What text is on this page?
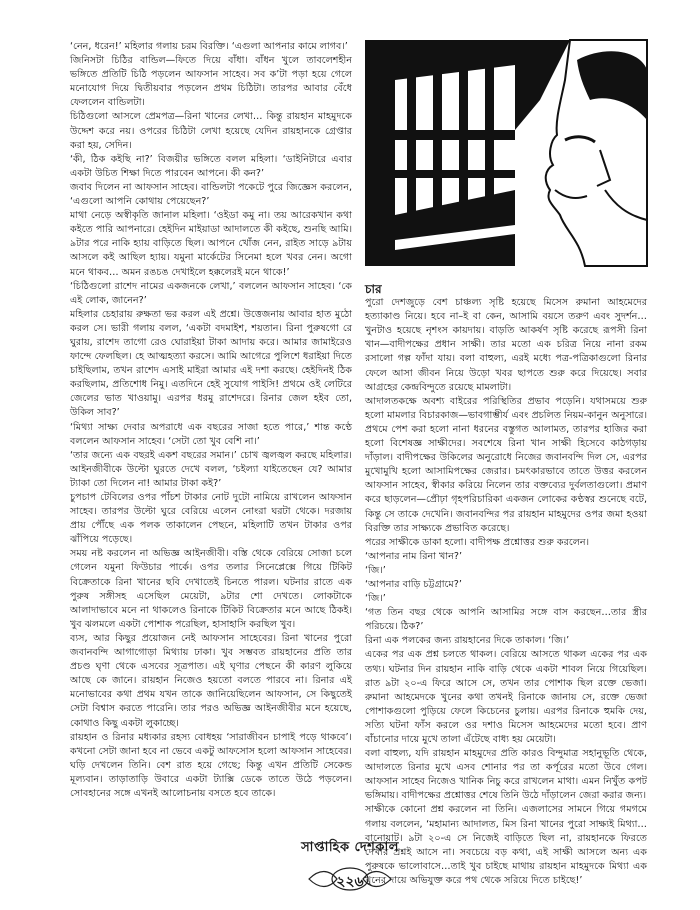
‘নেন, ধরেন!’ মহিলার গলায় চরম বিরক্তি। ‘এগুলা আপনার কামে লাগব।’

জিনিসটা চিঠির বান্ডিল—ফিতে দিয়ে বাঁধা। বাঁধন খুলে তাবলেশহীন ভঙ্গিতে প্রতিটি চিঠি পড়লেন আফসান সাহেব। সব ক’টা পড়া হয়ে গেলে মনোযোগ দিয়ে দ্বিতীয়বার পড়লেন প্রথম চিঠিটা। তারপর আবার বেঁধে ফেললেন বান্ডিলটা।

চিঠিগুলো আসলে প্রেমপত্র—রিনা খানের লেখা… কিন্তু রায়হান মাহমুদকে উদ্দেশ করে নয়। ওপরের চিঠিটা লেখা হয়েছে যেদিন রায়হানকে গ্রেপ্তার করা হয়, সেদিন।

‘কী, ঠিক কইছি না?’ বিজয়ীর ভঙ্গিতে বলল মহিলা। ‘ডাইনিটারে এবার একটা উচিত শিক্ষা দিতে পারবেন আপনে। কী কন?’

জবাব দিলেন না আফসান সাহেব। বান্ডিলটা পকেটে পুরে জিজ্ঞেস করলেন, ‘এগুলো আপনি কোথায় পেয়েছেন?’

মাথা নেড়ে অস্বীকৃতি জানাল মহিলা। ‘ওইডা কমু না। তয় আরেকখান কথা কইতে পারি আপনারে। হেইদিন মাইয়াডা আদালতে কী কইছে, শুনছি আমি। ৯টার পরে নাকি হ্যায় বাড়িতে ছিল। আপনে খোঁজ নেন, রাইত সাড়ে ৯টায় আসলে কই আছিল হ্যায়। যমুনা মার্কেটের সিনেমা হলে খবর নেন। অগো মনে থাকব… অমন রঙচঙ দেখাইলে হক্কলেরই মনে থাকে!’

‘চিঠিগুলো রাশেদ নামের একজনকে লেখা,’ বললেন আফসান সাহেব। ‘কে এই লোক, জানেন?’

মহিলার চেহারায় রুক্ষতা ভর করল এই প্রশ্নে। উত্তেজনায় আবার হাত মুঠো করল সে। ভারী গলায় বলল, ‘একটা বদমাইশ, শয়তান। রিনা পুরুষগো রে ঘুরায়, রাশেদ তাগো রেও ঘোরাইয়া টাকা আদায় করে। আমার জামাইরেও ফান্দে ফেলছিল। হে আত্মহত্যা করসে। আমি আগেরে পুলিশে ধরাইয়া দিতে চাইছিলাম, তখন রাশেদ এসাই মাইরা আমার এই দশা করছে। হেইদিনই ঠিক করছিলাম, প্রতিশোধ নিমু। এতদিনে হেই সুযোগ পাইসি! প্রথমে ওই লেটিরে জেলের ভাত খাওয়ামু। এরপর ধরমু রাশেদরে। রিনার জেল হইব তো, উকিল সাব?’

‘মিথ্যা সাক্ষ্য দেবার অপরাধে এক বছরের সাজা হতে পারে,’ শান্ত কণ্ঠে বললেন আফসান সাহেব। ‘সেটা তো খুব বেশি না।’

‘তার জন্যে এক বছরই একশ বছরের সমান।’ চোখ জ্বলজ্বল করছে মহিলার। আইনজীবীকে উল্টো ঘুরতে দেখে বলল, ‘চইল্যা যাইতেছেন যে? আমার ট্যাকা তো দিলেন না! আমার টাকা কই?’

চুপচাপ টেবিলের ওপর পাঁচশ টাকার নোট দুটো নামিয়ে রাখলেন আফসান সাহেব। তারপর উল্টো ঘুরে বেরিয়ে এলেন নোংরা ঘরটা থেকে। দরজায় প্রায় পৌঁছে এক পলক তাকালেন পেছনে, মহিলাটি তখন টাকার ওপর ঝাঁপিয়ে পড়েছে।

সময় নষ্ট করলেন না অভিজ্ঞ আইনজীবী। বস্তি থেকে বেরিয়ে সোজা চলে গেলেন যমুনা ফিউচার পার্কে। ওপর তলার সিনেপ্লেক্সে গিয়ে টিকিট বিক্রেতাকে রিনা খানের ছবি দেখাতেই চিনতে পারল। ঘটনার রাতে এক পুরুষ সঙ্গীসহ এসেছিল মেয়েটা, ৯টার শো দেখতে। লোকটাকে আলাদাভাবে মনে না থাকলেও রিনাকে টিকিট বিক্রেতার মনে আছে ঠিকই। খুব ঝলমলে একটা পোশাক পরেছিল, হাসাহাসি করছিল খুব।

ব্যস, আর কিছুর প্রয়োজন নেই আফসান সাহেবের। রিনা খানের পুরো জবানবন্দি আগাগোড়া মিথ্যায় ঢাকা। খুব সম্ভবত রায়হানের প্রতি তার প্রচণ্ড ঘৃণা থেকে এসবের সূত্রপাত। এই ঘৃণার পেছনে কী কারণ লুকিয়ে আছে কে জানে। রায়হান নিজেও হয়তো বলতে পারবে না। রিনার এই মনোভাবের কথা প্রথম যখন তাকে জানিয়েছিলেন আফসান, সে কিছুতেই সেটা বিশ্বাস করতে পারেনি। তার পরও অভিজ্ঞ আইনজীবীর মনে হয়েছে, কোথাও কিছু একটা লুকাচ্ছে।

রায়হান ও রিনার মধ্যকার রহস্য বোধহয় ‘সারাজীবন চাপাই পড়ে থাকবে’। কখনো সেটা জানা হবে না ভেবে একটু আফসোস হলো আফসান সাহেবের। ঘড়ি দেখলেন তিনি। বেশ রাত হয়ে গেছে; কিন্তু এখন প্রতিটি সেকেন্ড মূল্যবান। তাড়াতাড়ি উবারে একটা ট্যাক্সি ডেকে তাতে উঠে পড়লেন। সোবহানের সঙ্গে এখনই আলোচনায় বসতে হবে তাকে।

চার

পুরো দেশজুড়ে বেশ চাঞ্চল্য সৃষ্টি হয়েছে মিসেস রুমানা আহমেদের হত্যাকাণ্ড নিয়ে। হবে না–ই বা কেন, আসামি বয়সে তরুণ এবং সুদর্শন… খুনটাও হয়েছে নৃশংস কায়দায়। বাড়তি আকর্ষণ সৃষ্টি করেছে রূপসী রিনা খান—বাদীপক্ষের প্রধান সাক্ষী। তার মতো এক চরিত্র নিয়ে নানা রকম রসালো গল্প ফাঁদা যায়। বলা বাহুল্য, এরই মধ্যে পত্র-পত্রিকাগুলো রিনার ফেলে আসা জীবন নিয়ে উড়ো খবর ছাপতে শুরু করে দিয়েছে। সবার আগ্রহের কেন্দ্রবিন্দুতে রয়েছে মামলাটা।

আদালতকক্ষে অবশ্য বাইরের পরিস্থিতির প্রভাব পড়েনি। যথাসময়ে শুরু হলো মামলার বিচারকাজ—ভাবগাম্ভীর্য এবং প্রচলিত নিয়ম-কানুন অনুসারে। প্রথমে পেশ করা হলো নানা ধরনের বস্তুগত আলামত, তারপর হাজির করা হলো বিশেষজ্ঞ সাক্ষীদের। সবশেষে রিনা খান সাক্ষী হিসেবে কাঠগড়ায় দাঁড়াল। বাদীপক্ষের উকিলের অনুরোধে নিজের জবানবন্দি দিল সে, এরপর মুখোমুখি হলো আসামিপক্ষের জেরার। চমৎকারভাবে তাতে উত্তর করলেন আফসান সাহেব, স্বীকার করিয়ে নিলেন তার বক্তব্যের দুর্বলতাগুলো। প্রমাণ করে ছাড়লেন—প্রৌঢ়া গৃহপরিচারিকা একজন লোকের কণ্ঠস্বর শুনেছে বটে, কিন্তু সে তাকে দেখেনি। জবানবন্দির পর রায়হান মাহমুদের ওপর জমা হওয়া বিরক্তি তার সাক্ষ্যকে প্রভাবিত করেছে।

পরের সাক্ষীকে ডাকা হলো। বাদীপক্ষ প্রশ্নোত্তর শুরু করলেন।

‘আপনার নাম রিনা খান?’

‘জি।’

‘আপনার বাড়ি চট্টগ্রামে?’

‘জি।’

‘গত তিন বছর থেকে আপনি আসামির সঙ্গে বাস করছেন…তার স্ত্রীর পরিচয়ে। ঠিক?’

রিনা এক পলকের জন্য রায়হানের দিকে তাকাল। ‘জি।’

একের পর এক প্রশ্ন চলতে থাকল। বেরিয়ে আসতে থাকল একের পর এক তথ্য। ঘটনার দিন রায়হান নাকি বাড়ি থেকে একটা শাবল নিয়ে গিয়েছিল। রাত ৯টা ২০-এ ফিরে আসে সে, তখন তার পোশাক ছিল রক্তে ভেজা। রুমানা আহমেদকে খুনের কথা তখনই রিনাকে জানায় সে, রক্তে ভেজা পোশাকগুলো পুড়িয়ে ফেলে কিচেনের চুলায়। এরপর রিনাকে হুমকি দেয়, সত্যি ঘটনা ফাঁস করলে ওর দশাও মিসেস আহমেদের মতো হবে। প্রাণ বাঁচানোর দায়ে মুখে তালা এঁটেছে বাধ্য হয় মেয়েটা।

বলা বাহুল্য, যদি রায়হান মাহমুদের প্রতি কারও বিন্দুমাত্র সহানুভূতি থেকে, আদালতে রিনার মুখে এসব শোনার পর তা কর্পূরের মতো উবে গেল। আফসান সাহেব নিজেও খানিক নিচু করে রাখলেন মাথা। এমন নিখুঁত কপট ভঙ্গিমায়। বাদীপক্ষের প্রশ্নোত্তর শেষে তিনি উঠে দাঁড়ালেন জেরা করার জন্য।

সাক্ষীকে কোনো প্রশ্ন করলেন না তিনি। এজলাসের সামনে গিয়ে গমগমে গলায় বললেন, ‘মহামান্য আদালত, মিস রিনা খানের পুরো সাক্ষ্যই মিথ্যা…বানোয়াট। ৯টা ২০-এ সে নিজেই বাড়িতে ছিল না, রায়হানকে ফিরতে দেখার প্রশ্নই আসে না। সবচেয়ে বড় কথা, এই সাক্ষী আসলে অন্য এক পুরুষকে ভালোবাসে…তাই খুব চাইছে মাথায় রায়হান মাহমুদকে মিথ্যা এক খুনের দায়ে অভিযুক্ত করে পথ থেকে সরিয়ে দিতে চাইছে!’

সাপ্তাহিক দেশকাল
২২৬
